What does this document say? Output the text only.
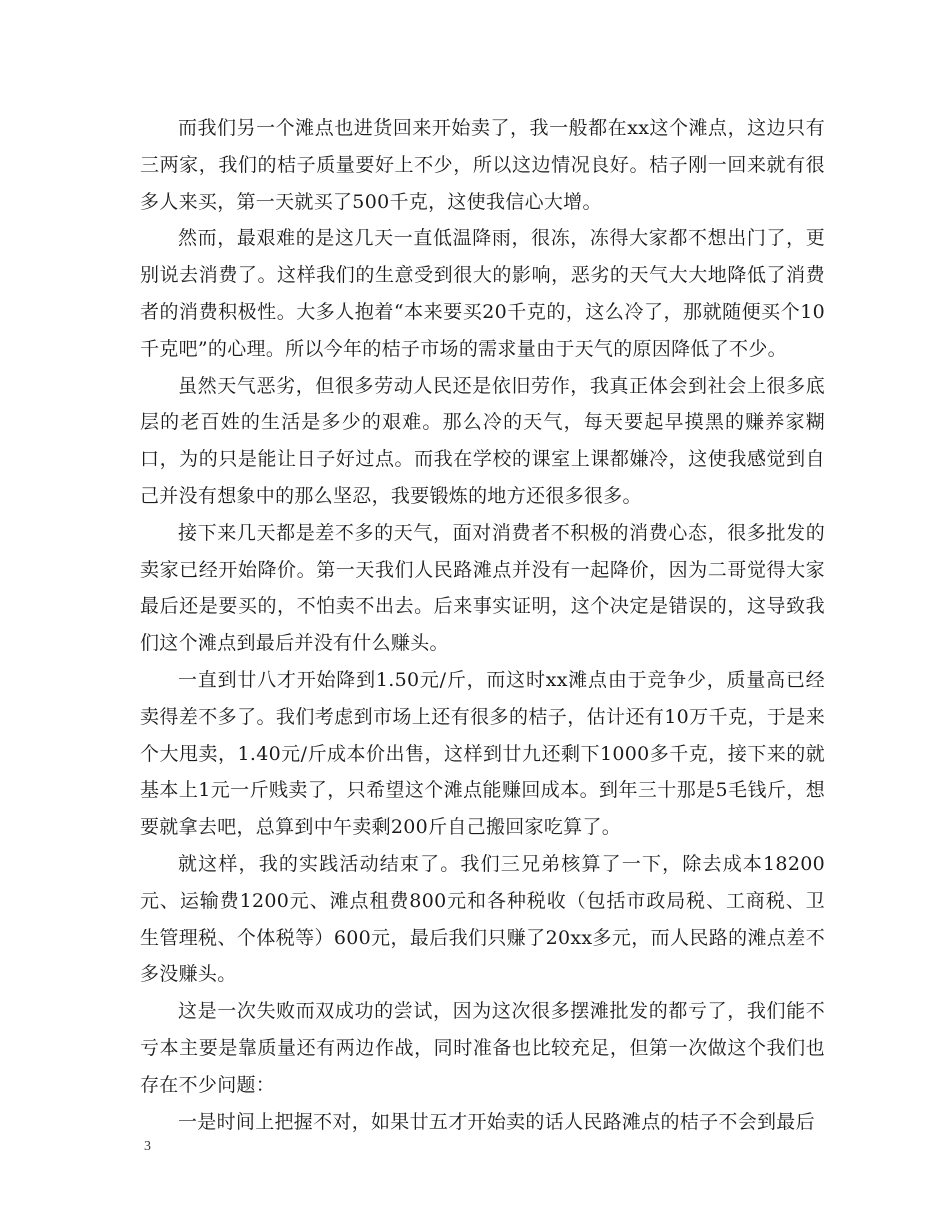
而我们另一个滩点也进货回来开始卖了，我一般都在xx这个滩点，这边只有三两家，我们的桔子质量要好上不少，所以这边情况良好。桔子刚一回来就有很多人来买，第一天就买了500千克，这使我信心大增。

然而，最艰难的是这几天一直低温降雨，很冻，冻得大家都不想出门了，更别说去消费了。这样我们的生意受到很大的影响，恶劣的天气大大地降低了消费者的消费积极性。大多人抱着“本来要买20千克的，这么冷了，那就随便买个10千克吧”的心理。所以今年的桔子市场的需求量由于天气的原因降低了不少。

虽然天气恶劣，但很多劳动人民还是依旧劳作，我真正体会到社会上很多底层的老百姓的生活是多少的艰难。那么冷的天气，每天要起早摸黑的赚养家糊口，为的只是能让日子好过点。而我在学校的课室上课都嫌冷，这使我感觉到自己并没有想象中的那么坚忍，我要锻炼的地方还很多很多。

接下来几天都是差不多的天气，面对消费者不积极的消费心态，很多批发的卖家已经开始降价。第一天我们人民路滩点并没有一起降价，因为二哥觉得大家最后还是要买的，不怕卖不出去。后来事实证明，这个决定是错误的，这导致我们这个滩点到最后并没有什么赚头。

一直到廿八才开始降到1.50元/斤，而这时xx滩点由于竞争少，质量高已经卖得差不多了。我们考虑到市场上还有很多的桔子，估计还有10万千克，于是来个大甩卖，1.40元/斤成本价出售，这样到廿九还剩下1000多千克，接下来的就基本上1元一斤贱卖了，只希望这个滩点能赚回成本。到年三十那是5毛钱斤，想要就拿去吧，总算到中午卖剩200斤自己搬回家吃算了。

就这样，我的实践活动结束了。我们三兄弟核算了一下，除去成本18200元、运输费1200元、滩点租费800元和各种税收（包括市政局税、工商税、卫生管理税、个体税等）600元，最后我们只赚了20xx多元，而人民路的滩点差不多没赚头。

这是一次失败而双成功的尝试，因为这次很多摆滩批发的都亏了，我们能不亏本主要是靠质量还有两边作战，同时准备也比较充足，但第一次做这个我们也存在不少问题：

一是时间上把握不对，如果廿五才开始卖的话人民路滩点的桔子不会到最后

3
